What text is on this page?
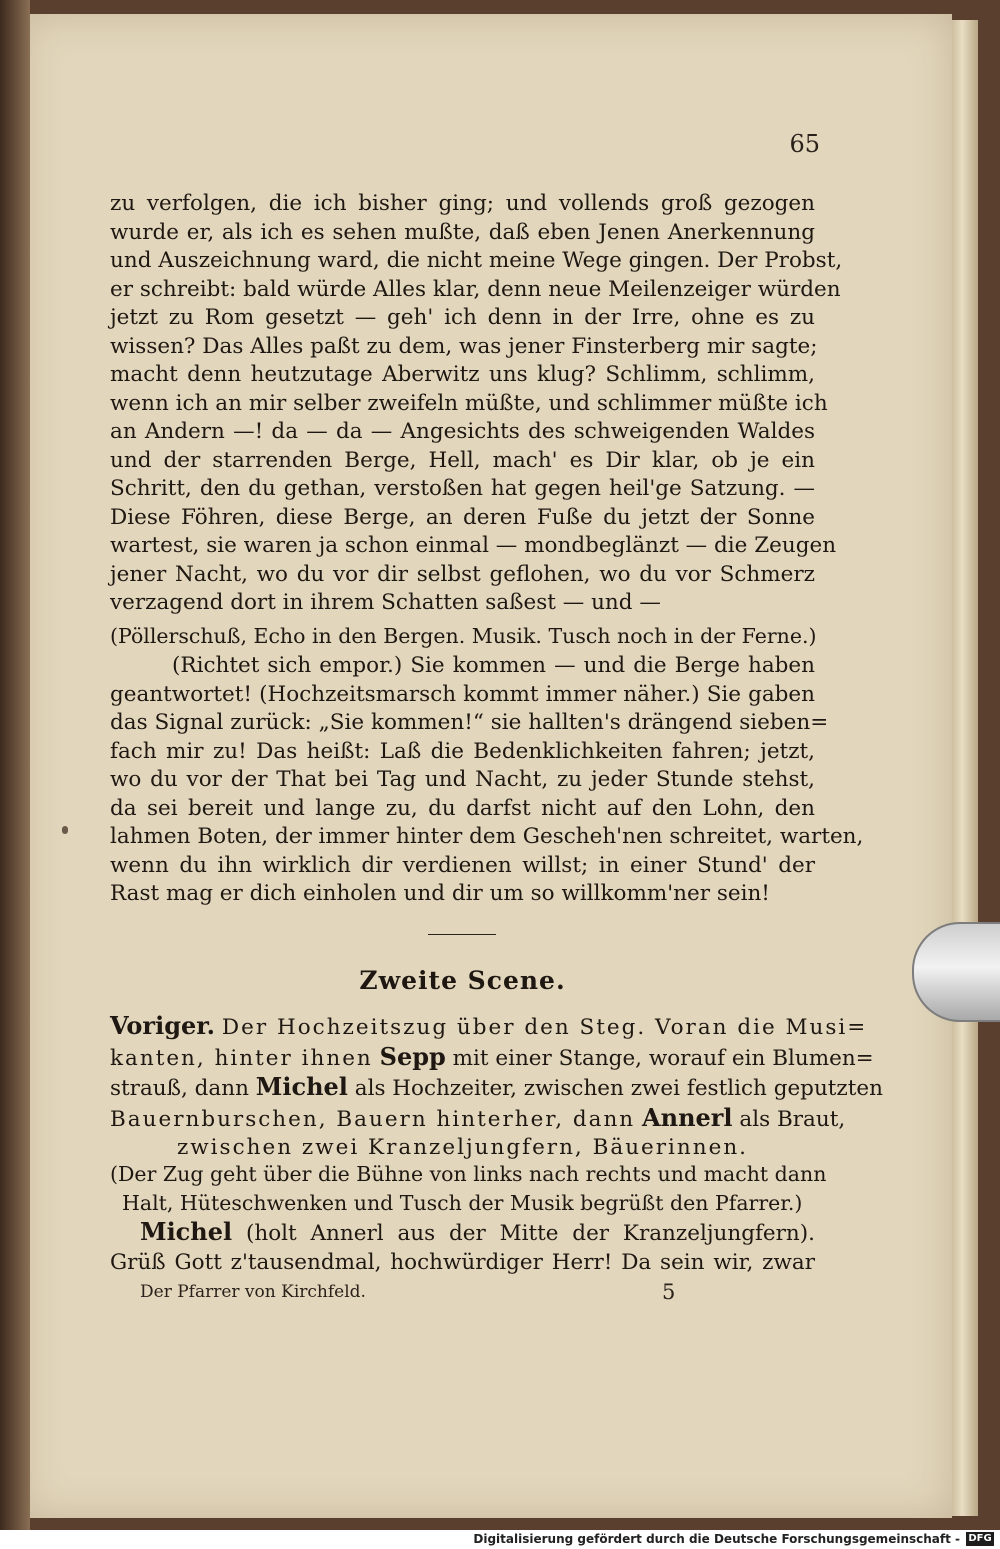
65
zu verfolgen, die ich bisher ging; und vollends groß gezogen
wurde er, als ich es sehen mußte, daß eben Jenen Anerkennung
und Auszeichnung ward, die nicht meine Wege gingen. Der Probst,
er schreibt: bald würde Alles klar, denn neue Meilenzeiger würden
jetzt zu Rom gesetzt — geh' ich denn in der Irre, ohne es zu
wissen? Das Alles paßt zu dem, was jener Finsterberg mir sagte;
macht denn heutzutage Aberwitz uns klug? Schlimm, schlimm,
wenn ich an mir selber zweifeln müßte, und schlimmer müßte ich
an Andern —! da — da — Angesichts des schweigenden Waldes
und der starrenden Berge, Hell, mach' es Dir klar, ob je ein
Schritt, den du gethan, verstoßen hat gegen heil'ge Satzung. —
Diese Föhren, diese Berge, an deren Fuße du jetzt der Sonne
wartest, sie waren ja schon einmal — mondbeglänzt — die Zeugen
jener Nacht, wo du vor dir selbst geflohen, wo du vor Schmerz
verzagend dort in ihrem Schatten saßest — und —
(Pöllerschuß, Echo in den Bergen. Musik. Tusch noch in der Ferne.)
(Richtet sich empor.) Sie kommen — und die Berge haben
geantwortet! (Hochzeitsmarsch kommt immer näher.) Sie gaben
das Signal zurück: „Sie kommen!“ sie hallten's drängend sieben=
fach mir zu! Das heißt: Laß die Bedenklichkeiten fahren; jetzt,
wo du vor der That bei Tag und Nacht, zu jeder Stunde stehst,
da sei bereit und lange zu, du darfst nicht auf den Lohn, den
lahmen Boten, der immer hinter dem Gescheh'nen schreitet, warten,
wenn du ihn wirklich dir verdienen willst; in einer Stund' der
Rast mag er dich einholen und dir um so willkomm'ner sein!
Zweite Scene.
Voriger. Der Hochzeitszug über den Steg. Voran die Musi=
kanten, hinter ihnen Sepp mit einer Stange, worauf ein Blumen=
strauß, dann Michel als Hochzeiter, zwischen zwei festlich geputzten
Bauernburschen, Bauern hinterher, dann Annerl als Braut,
zwischen zwei Kranzeljungfern, Bäuerinnen.
(Der Zug geht über die Bühne von links nach rechts und macht dann
Halt, Hüteschwenken und Tusch der Musik begrüßt den Pfarrer.)
Michel (holt Annerl aus der Mitte der Kranzeljungfern).
Grüß Gott z'tausendmal, hochwürdiger Herr! Da sein wir, zwar
Der Pfarrer von Kirchfeld.	5
Digitalisierung gefördert durch die Deutsche Forschungsgemeinschaft - DFG
